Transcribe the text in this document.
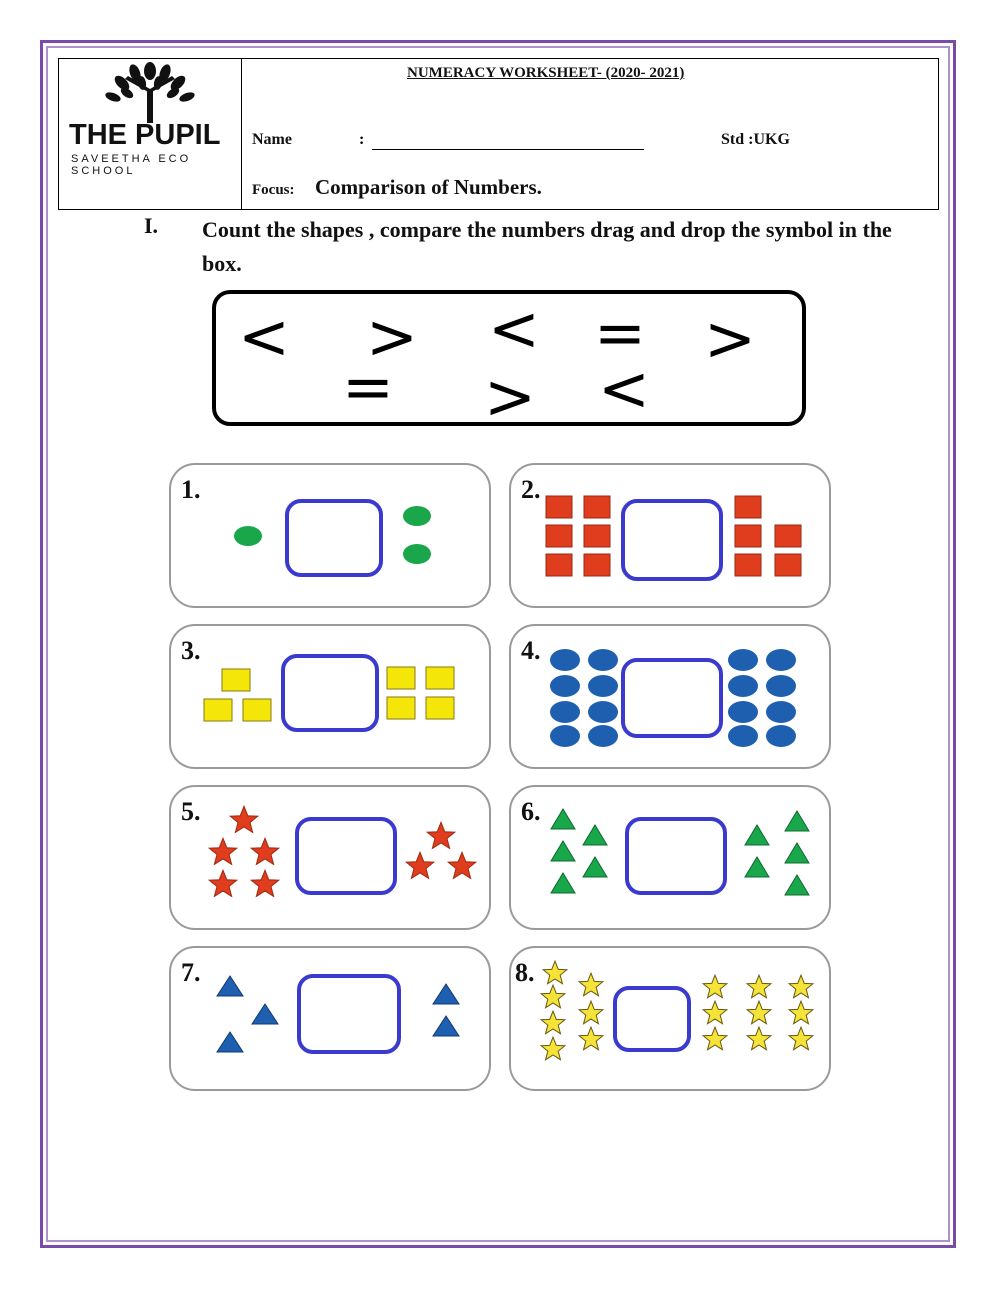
THE PUPIL
SAVEETHA ECO SCHOOL
NUMERACY WORKSHEET- (2020- 2021)
Name	:	Std :UKG
Focus: Comparison of Numbers.
I. Count the shapes , compare the numbers drag and drop the symbol in the box.
< > < = >
= > <
1.	2.
3.	4.
5.	6.
7.	8.
